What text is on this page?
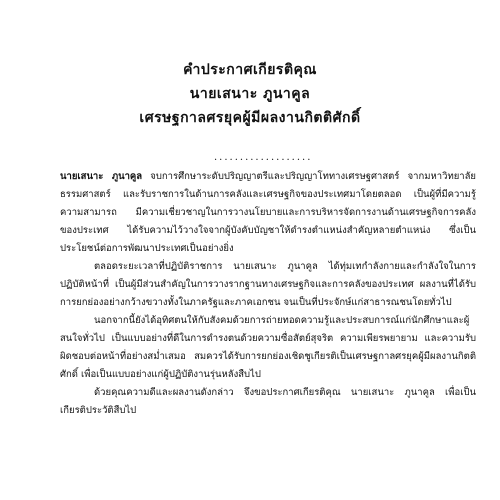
คำประกาศเกียรติคุณ
นายเสนาะ ภูนาคูล
เศรษฐกาลศรยุคผู้มีผลงานกิตติศักดิ์
...................

นายเสนาะ ภูนาคูล จบการศึกษาระดับปริญญาตรีและปริญญาโททางเศรษฐศาสตร์ จากมหาวิทยาลัยธรรมศาสตร์ และรับราชการในด้านการคลังและเศรษฐกิจของประเทศมาโดยตลอด เป็นผู้ที่มีความรู้ความสามารถ มีความเชี่ยวชาญในการวางนโยบายและการบริหารจัดการงานด้านเศรษฐกิจการคลังของประเทศ ได้รับความไว้วางใจจากผู้บังคับบัญชาให้ดำรงตำแหน่งสำคัญหลายตำแหน่ง ซึ่งเป็นประโยชน์ต่อการพัฒนาประเทศเป็นอย่างยิ่ง

ตลอดระยะเวลาที่ปฏิบัติราชการ นายเสนาะ ภูนาคูล ได้ทุ่มเทกำลังกายและกำลังใจในการปฏิบัติหน้าที่ เป็นผู้มีส่วนสำคัญในการวางรากฐานทางเศรษฐกิจและการคลังของประเทศ ผลงานที่ได้รับการยกย่องอย่างกว้างขวางทั้งในภาครัฐและภาคเอกชน จนเป็นที่ประจักษ์แก่สาธารณชนโดยทั่วไป

นอกจากนี้ยังได้อุทิศตนให้กับสังคมด้วยการถ่ายทอดความรู้และประสบการณ์แก่นักศึกษาและผู้สนใจทั่วไป เป็นแบบอย่างที่ดีในการดำรงตนด้วยความซื่อสัตย์สุจริต ความเพียรพยายาม และความรับผิดชอบต่อหน้าที่อย่างสม่ำเสมอ สมควรได้รับการยกย่องเชิดชูเกียรติเป็นเศรษฐกาลศรยุคผู้มีผลงานกิตติศักดิ์ เพื่อเป็นแบบอย่างแก่ผู้ปฏิบัติงานรุ่นหลังสืบไป

ด้วยคุณความดีและผลงานดังกล่าว จึงขอประกาศเกียรติคุณ นายเสนาะ ภูนาคูล เพื่อเป็นเกียรติประวัติสืบไป
